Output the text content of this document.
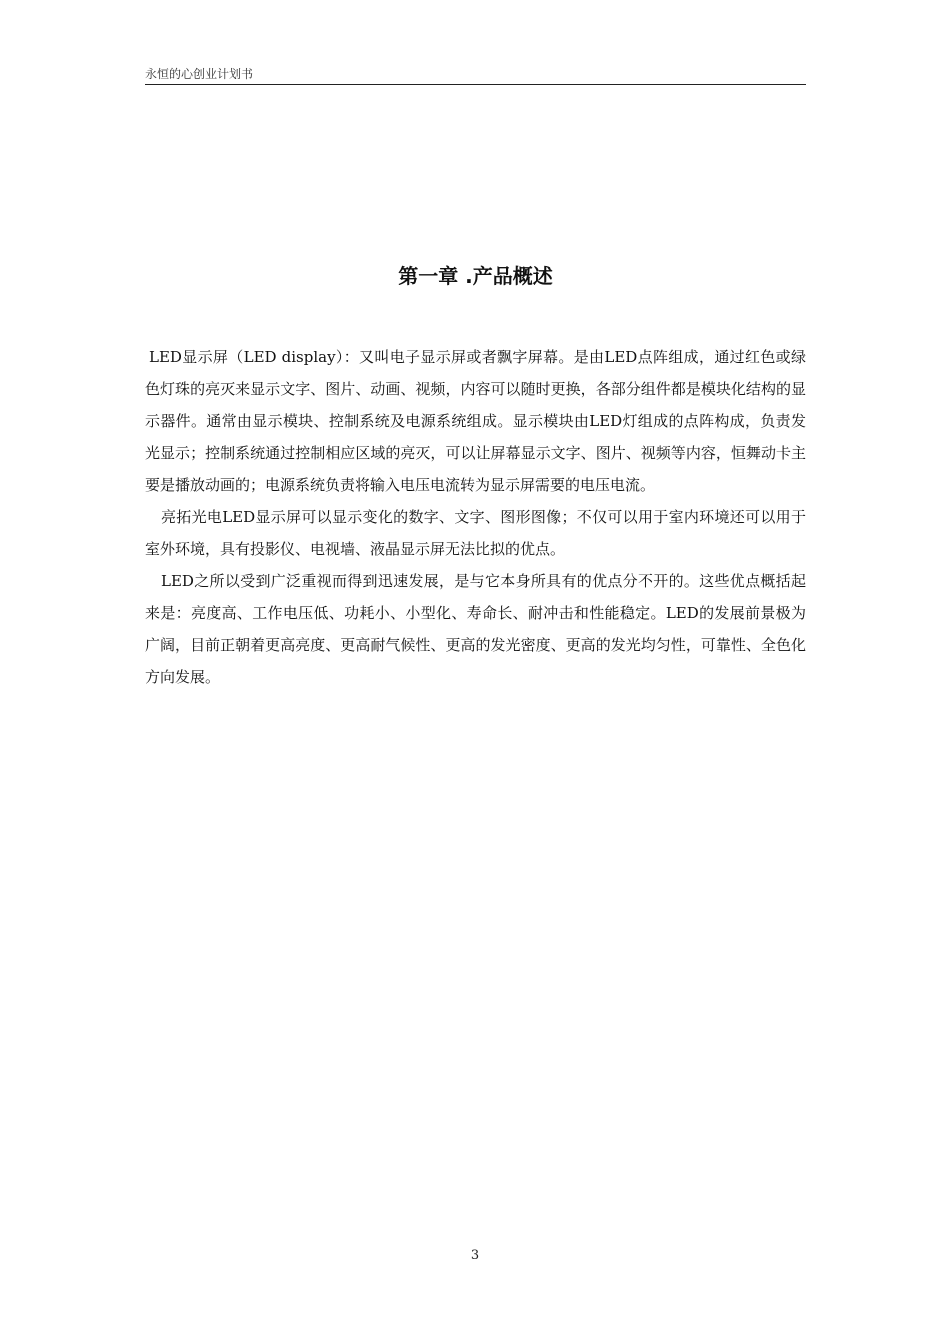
永恒的心创业计划书
第一章 .产品概述

LED显示屏（LED display）：又叫电子显示屏或者飘字屏幕。是由LED点阵组成，通过红色或绿色灯珠的亮灭来显示文字、图片、动画、视频，内容可以随时更换，各部分组件都是模块化结构的显示器件。通常由显示模块、控制系统及电源系统组成。显示模块由LED灯组成的点阵构成，负责发光显示；控制系统通过控制相应区域的亮灭，可以让屏幕显示文字、图片、视频等内容，恒舞动卡主要是播放动画的；电源系统负责将输入电压电流转为显示屏需要的电压电流。

亮拓光电LED显示屏可以显示变化的数字、文字、图形图像；不仅可以用于室内环境还可以用于室外环境，具有投影仪、电视墙、液晶显示屏无法比拟的优点。

LED之所以受到广泛重视而得到迅速发展，是与它本身所具有的优点分不开的。这些优点概括起来是：亮度高、工作电压低、功耗小、小型化、寿命长、耐冲击和性能稳定。LED的发展前景极为广阔，目前正朝着更高亮度、更高耐气候性、更高的发光密度、更高的发光均匀性，可靠性、全色化方向发展。

3
